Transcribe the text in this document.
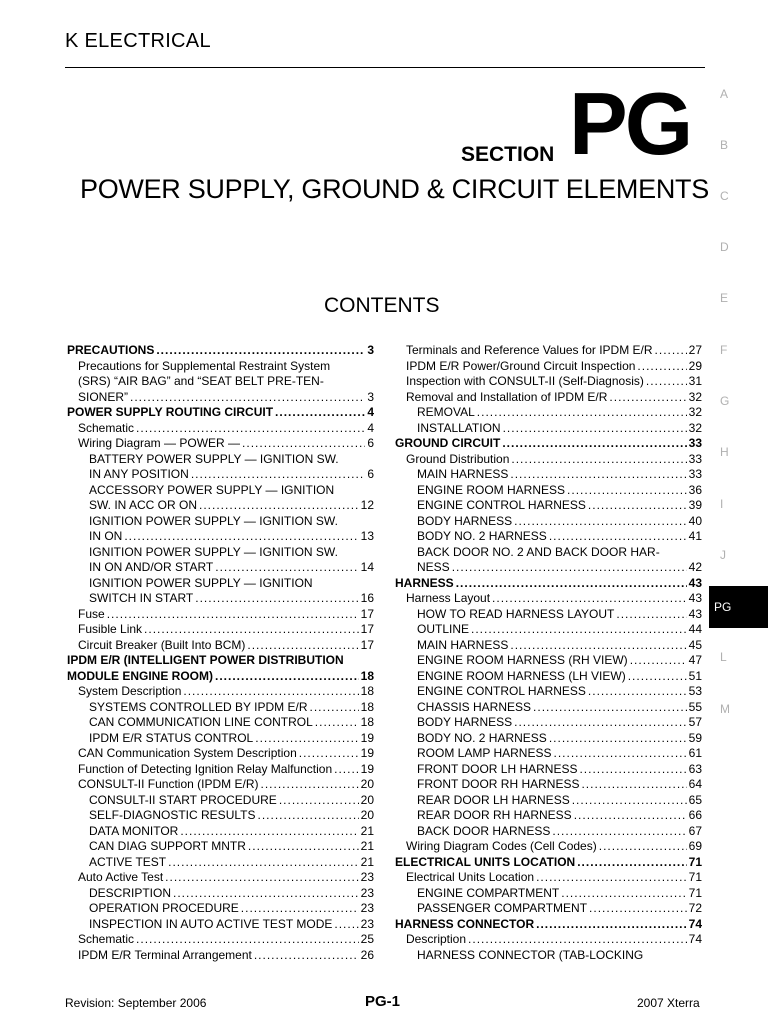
K ELECTRICAL
SECTION PG
POWER SUPPLY, GROUND & CIRCUIT ELEMENTS
CONTENTS
PRECAUTIONS .....	3
Precautions for Supplemental Restraint System
(SRS) “AIR BAG” and “SEAT BELT PRE-TEN-
SIONER” .....	3
POWER SUPPLY ROUTING CIRCUIT .....	4
Schematic .....	4
Wiring Diagram — POWER — .....	6
BATTERY POWER SUPPLY — IGNITION SW.
IN ANY POSITION .....	6
ACCESSORY POWER SUPPLY — IGNITION
SW. IN ACC OR ON .....	12
IGNITION POWER SUPPLY — IGNITION SW.
IN ON .....	13
IGNITION POWER SUPPLY — IGNITION SW.
IN ON AND/OR START .....	14
IGNITION POWER SUPPLY — IGNITION
SWITCH IN START .....	16
Fuse .....	17
Fusible Link .....	17
Circuit Breaker (Built Into BCM) .....	17
IPDM E/R (INTELLIGENT POWER DISTRIBUTION
MODULE ENGINE ROOM) .....	18
System Description .....	18
SYSTEMS CONTROLLED BY IPDM E/R .....	18
CAN COMMUNICATION LINE CONTROL .....	18
IPDM E/R STATUS CONTROL .....	19
CAN Communication System Description .....	19
Function of Detecting Ignition Relay Malfunction ..... 19
CONSULT-II Function (IPDM E/R) .....	20
CONSULT-II START PROCEDURE .....	20
SELF-DIAGNOSTIC RESULTS .....	20
DATA MONITOR .....	21
CAN DIAG SUPPORT MNTR .....	21
ACTIVE TEST .....	21
Auto Active Test .....	23
DESCRIPTION .....	23
OPERATION PROCEDURE .....	23
INSPECTION IN AUTO ACTIVE TEST MODE ..... 23
Schematic .....	25
IPDM E/R Terminal Arrangement .....	26
Terminals and Reference Values for IPDM E/R .....	27
IPDM E/R Power/Ground Circuit Inspection .....	29
Inspection with CONSULT-II (Self-Diagnosis) .....	31
Removal and Installation of IPDM E/R .....	32
REMOVAL .....	32
INSTALLATION .....	32
GROUND CIRCUIT .....	33
Ground Distribution .....	33
MAIN HARNESS .....	33
ENGINE ROOM HARNESS .....	36
ENGINE CONTROL HARNESS .....	39
BODY HARNESS .....	40
BODY NO. 2 HARNESS .....	41
BACK DOOR NO. 2 AND BACK DOOR HAR-
NESS .....	42
HARNESS .....	43
Harness Layout .....	43
HOW TO READ HARNESS LAYOUT .....	43
OUTLINE .....	44
MAIN HARNESS .....	45
ENGINE ROOM HARNESS (RH VIEW) .....	47
ENGINE ROOM HARNESS (LH VIEW) .....	51
ENGINE CONTROL HARNESS .....	53
CHASSIS HARNESS .....	55
BODY HARNESS .....	57
BODY NO. 2 HARNESS .....	59
ROOM LAMP HARNESS .....	61
FRONT DOOR LH HARNESS .....	63
FRONT DOOR RH HARNESS .....	64
REAR DOOR LH HARNESS .....	65
REAR DOOR RH HARNESS .....	66
BACK DOOR HARNESS .....	67
Wiring Diagram Codes (Cell Codes) .....	69
ELECTRICAL UNITS LOCATION .....	71
Electrical Units Location .....	71
ENGINE COMPARTMENT .....	71
PASSENGER COMPARTMENT .....	72
HARNESS CONNECTOR .....	74
Description .....	74
HARNESS CONNECTOR (TAB-LOCKING
A
B
C
D
E
F
G
H
I
J
PG
L
M
Revision: September 2006	PG-1	2007 Xterra
